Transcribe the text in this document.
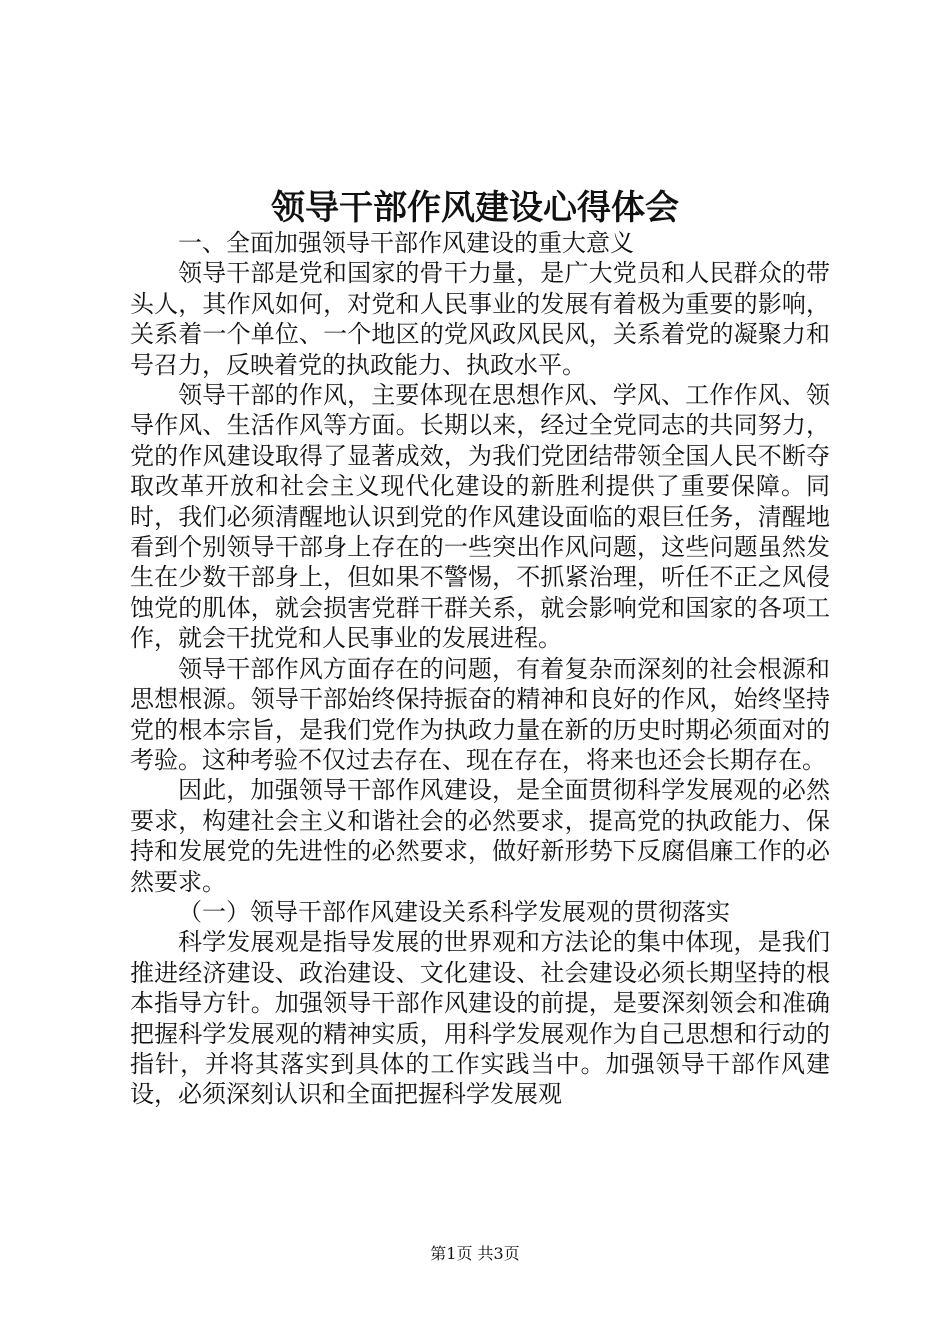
领导干部作风建设心得体会

一、全面加强领导干部作风建设的重大意义

领导干部是党和国家的骨干力量，是广大党员和人民群众的带头人，其作风如何，对党和人民事业的发展有着极为重要的影响，关系着一个单位、一个地区的党风政风民风，关系着党的凝聚力和号召力，反映着党的执政能力、执政水平。

领导干部的作风，主要体现在思想作风、学风、工作作风、领导作风、生活作风等方面。长期以来，经过全党同志的共同努力，党的作风建设取得了显著成效，为我们党团结带领全国人民不断夺取改革开放和社会主义现代化建设的新胜利提供了重要保障。同时，我们必须清醒地认识到党的作风建设面临的艰巨任务，清醒地看到个别领导干部身上存在的一些突出作风问题，这些问题虽然发生在少数干部身上，但如果不警惕，不抓紧治理，听任不正之风侵蚀党的肌体，就会损害党群干群关系，就会影响党和国家的各项工作，就会干扰党和人民事业的发展进程。

领导干部作风方面存在的问题，有着复杂而深刻的社会根源和思想根源。领导干部始终保持振奋的精神和良好的作风，始终坚持党的根本宗旨，是我们党作为执政力量在新的历史时期必须面对的考验。这种考验不仅过去存在、现在存在，将来也还会长期存在。

因此，加强领导干部作风建设，是全面贯彻科学发展观的必然要求，构建社会主义和谐社会的必然要求，提高党的执政能力、保持和发展党的先进性的必然要求，做好新形势下反腐倡廉工作的必然要求。

（一）领导干部作风建设关系科学发展观的贯彻落实

科学发展观是指导发展的世界观和方法论的集中体现，是我们推进经济建设、政治建设、文化建设、社会建设必须长期坚持的根本指导方针。加强领导干部作风建设的前提，是要深刻领会和准确把握科学发展观的精神实质，用科学发展观作为自己思想和行动的指针，并将其落实到具体的工作实践当中。加强领导干部作风建设，必须深刻认识和全面把握科学发展观

第1页 共3页
